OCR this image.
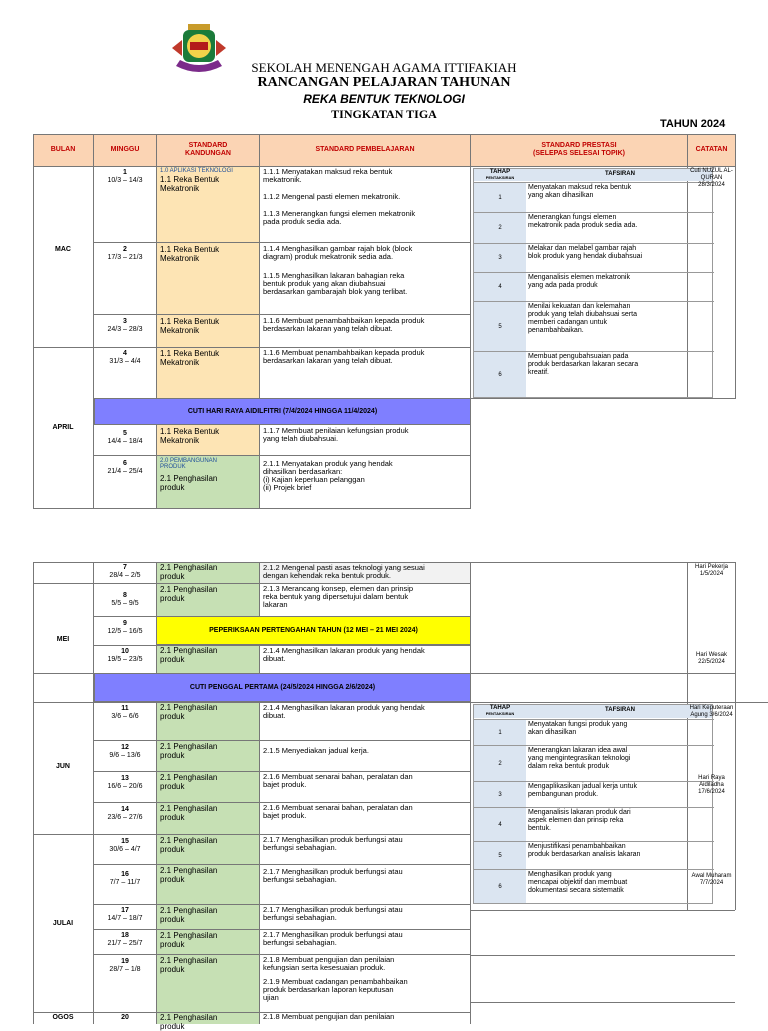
SEKOLAH MENENGAH AGAMA ITTIFAKIAH
RANCANGAN PELAJARAN TAHUNAN
REKA BENTUK TEKNOLOGI
TINGKATAN TIGA
TAHUN 2024
BULAN	MINGGU
STANDARD
KANDUNGAN
STANDARD PEMBELAJARAN
STANDARD PRESTASI
(SELEPAS SELESAI TOPIK)
CATATAN
MAC
APRIL
1
10/3 – 14/3
2
17/3 – 21/3
3
24/3 – 28/3
4
31/3 – 4/4
5
14/4 – 18/4
6
21/4 – 25/4
1.0 APLIKASI TEKNOLOGI
1.1 Reka Bentuk
Mekatronik
1.1 Reka Bentuk
Mekatronik
1.1 Reka Bentuk
Mekatronik
1.1 Reka Bentuk
Mekatronik
1.1 Reka Bentuk
Mekatronik
2.0 PEMBANGUNAN
PRODUK
2.1 Penghasilan
produk
1.1.1 Menyatakan maksud reka bentuk
mekatronik.
1.1.2 Mengenal pasti elemen mekatronik.
1.1.3 Menerangkan fungsi elemen mekatronik
pada produk sedia ada.
1.1.4 Menghasilkan gambar rajah blok (block
diagram) produk mekatronik sedia ada.
1.1.5 Menghasilkan lakaran bahagian reka
bentuk produk yang akan diubahsuai
berdasarkan gambarajah blok yang terlibat.
1.1.6 Membuat penambahbaikan kepada produk
berdasarkan lakaran yang telah dibuat.
1.1.6 Membuat penambahbaikan kepada produk
berdasarkan lakaran yang telah dibuat.
1.1.7 Membuat penilaian kefungsian produk
yang telah diubahsuai.
2.1.1 Menyatakan produk yang hendak
dihasilkan berdasarkan:
(i) Kajian keperluan pelanggan
(ii) Projek brief
CUTI HARI RAYA AIDILFITRI (7/4/2024 HINGGA 11/4/2024)
TAHAP
PENTAKSIRAN
TAFSIRAN
1
Menyatakan maksud reka bentuk
yang akan dihasilkan
2
Menerangkan fungsi elemen
mekatronik pada produk sedia ada.
3
Melakar dan melabel gambar rajah
blok produk yang hendak diubahsuai
4
Menganalisis elemen mekatronik
yang ada pada produk
5
Menilai kekuatan dan kelemahan
produk yang telah diubahsuai serta
memberi cadangan untuk
penambahbaikan.
6
Membuat pengubahsuaian pada
produk berdasarkan lakaran secara
kreatif.
Cuti NUZUL AL- QURAN 28/3/2024
MEI
JUN
JULAI
OGOS
7
28/4 – 2/5
8
5/5 – 9/5
9
12/5 – 16/5
10
19/5 – 23/5
11
3/6 – 6/6
12
9/6 – 13/6
13
16/6 – 20/6
14
23/6 – 27/6
15
30/6 – 4/7
16
7/7 – 11/7
17
14/7 – 18/7
18
21/7 – 25/7
19
28/7 – 1/8
20
2.1 Penghasilan
produk
2.1 Penghasilan
produk
2.1 Penghasilan
produk
2.1 Penghasilan
produk
2.1 Penghasilan
produk
2.1 Penghasilan
produk
2.1 Penghasilan
produk
2.1 Penghasilan
produk
2.1 Penghasilan
produk
2.1 Penghasilan
produk
2.1 Penghasilan
produk
2.1 Penghasilan
produk
2.1 Penghasilan
produk
2.1.2 Mengenal pasti asas teknologi yang sesuai
dengan kehendak reka bentuk produk.
2.1.3 Merancang konsep, elemen dan prinsip
reka bentuk yang dipersetujui dalam bentuk
lakaran
2.1.4 Menghasilkan lakaran produk yang hendak
dibuat.
2.1.4 Menghasilkan lakaran produk yang hendak
dibuat.
2.1.5 Menyediakan jadual kerja.
2.1.6 Membuat senarai bahan, peralatan dan
bajet produk.
2.1.6 Membuat senarai bahan, peralatan dan
bajet produk.
2.1.7 Menghasilkan produk berfungsi atau
berfungsi sebahagian.
2.1.7 Menghasilkan produk berfungsi atau
berfungsi sebahagian.
2.1.7 Menghasilkan produk berfungsi atau
berfungsi sebahagian.
2.1.7 Menghasilkan produk berfungsi atau
berfungsi sebahagian.
2.1.8 Membuat pengujian dan penilaian
kefungsian serta kesesuaian produk.
2.1.9 Membuat cadangan penambahbaikan
produk berdasarkan laporan keputusan
ujian
2.1.8 Membuat pengujian dan penilaian
PEPERIKSAAN PERTENGAHAN TAHUN (12 MEI – 21 MEI 2024)
CUTI PENGGAL PERTAMA (24/5/2024 HINGGA 2/6/2024)
TAHAP
PENTAKSIRAN
TAFSIRAN
1
Menyatakan fungsi produk yang
akan dihasilkan
2
Menerangkan lakaran idea awal
yang mengintegrasikan teknologi
dalam reka bentuk produk
3
Mengaplikasikan jadual kerja untuk
pembangunan produk.
4
Menganalisis lakaran produk dari
aspek elemen dan prinsip reka
bentuk.
5
Menjustifikasi penambahbaikan
produk berdasarkan analisis lakaran
6
Menghasilkan produk yang
mencapai objektif dan membuat
dokumentasi secara sistematik
Hari Pekerja 1/5/2024
Hari Wesak 22/5/2024
Hari Keputeraan Agung 3/6/2024
Hari Raya Aidiladha 17/6/2024
Awal Muharam 7/7/2024
